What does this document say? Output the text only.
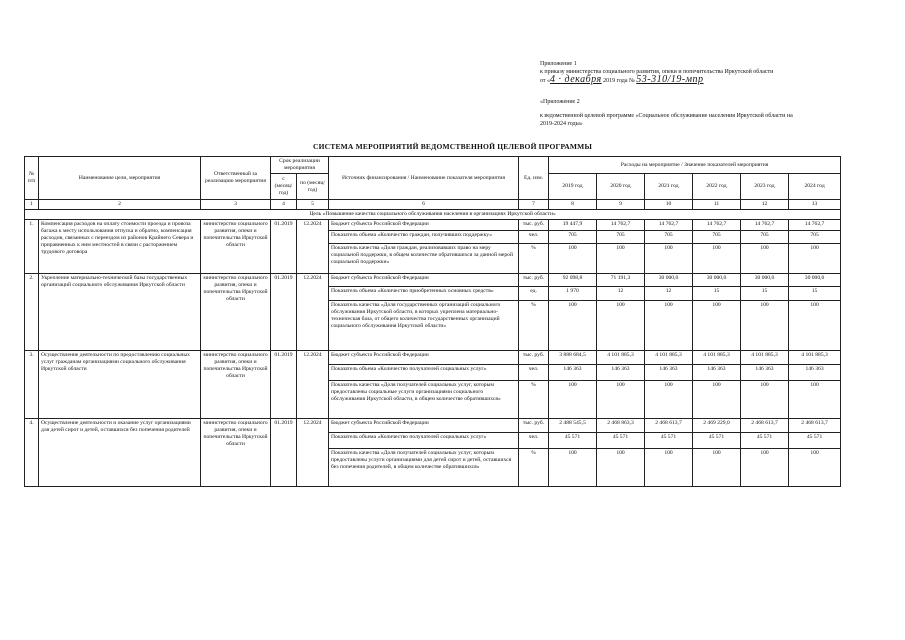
Приложение 1
к приказу министерства социального развития, опеки и попечительства Иркутской области
от «4 · декабря 2019 года № 53-310/19-мпр
«Приложение 2
к ведомственной целевой программе «Социальное обслуживание населения Иркутской области на
2019-2024 годы»
СИСТЕМА МЕРОПРИЯТИЙ ВЕДОМСТВЕННОЙ ЦЕЛЕВОЙ ПРОГРАММЫ
№ п/п	Наименование цели, мероприятия	Ответственный за реализацию мероприятия	Срок реализации мероприятия		Источник финансирования / Наименование показателя мероприятия	Ед. изм.	Расходы на мероприятие / Значение показателей мероприятия					
			с (месяц/ год)	по (месяц/ год)			2019 год	2020 год	2021 год	2022 год	2023 год	2024 год
1	2	3	4	5	6	7	8	9	10	11	12	13
Цель «Повышение качества социального обслуживания населения в организациях Иркутской области»												
1.	Компенсация расходов на оплату стоимости проезда и провоза багажа к месту использования отпуска и обратно, компенсация расходов, связанных с переездом из районов Крайнего Севера и приравненных к ним местностей в связи с расторжением трудового договора	министерство социального развития, опеки и попечительства Иркутской области	01.2019	12.2024	Бюджет субъекта Российской Федерации	тыс. руб.	19 447,9	14 762,7	14 762,7	14 762,7	14 762,7	14 762,7
					Показатель объема «Количество граждан, получивших поддержку»	чел.	705	705	705	705	705	705
					Показатель качества «Доля граждан, реализовавших право на меру социальной поддержки, в общем количестве обратившихся за данной мерой социальной поддержки»	%	100	100	100	100	100	100
2.	Укрепление материально-технической базы государственных организаций социального обслуживания Иркутской области	министерство социального развития, опеки и попечительства Иркутской области	01.2019	12.2024	Бюджет субъекта Российской Федерации	тыс. руб.	92 098,8	71 191,3	30 000,0	30 000,0	30 000,0	30 000,0
					Показатель объема «Количество приобретенных основных средств»	ед.	1 970	12	12	15	15	15
					Показатель качества «Доля государственных организаций социального обслуживания Иркутской области, в которых укреплена материально-техническая база, от общего количества государственных организаций социального обслуживания Иркутской области»	%	100	100	100	100	100	100
3.	Осуществление деятельности по предоставлению социальных услуг гражданам организациями социального обслуживания Иркутской области	министерство социального развития, опеки и попечительства Иркутской области	01.2019	12.2024	Бюджет субъекта Российской Федерации	тыс. руб.	3 888 684,5	4 101 885,3	4 101 885,3	4 101 885,3	4 101 885,3	4 101 885,3
					Показатель объема «Количество получателей социальных услуг»	чел.	146 363	146 363	146 363	146 363	146 363	146 363
					Показатель качества «Доля получателей социальных услуг, которым предоставлены социальные услуги организациями социального обслуживания Иркутской области, в общем количестве обратившихся»	%	100	100	100	100	100	100
4.	Осуществление деятельности и оказание услуг организациями для детей сирот и детей, оставшихся без попечения родителей	министерство социального развития, опеки и попечительства Иркутской области	01.2019	12.2024	Бюджет субъекта Российской Федерации	тыс. руб.	2 488 545,5	2 468 863,3	2 468 613,7	2 469 229,0	2 468 613,7	2 468 613,7
					Показатель объема «Количество получателей социальных услуг»	чел.	45 571	45 571	45 571	45 571	45 571	45 571
					Показатель качества «Доля получателей социальных услуг, которым предоставлены услуги организациями для детей сирот и детей, оставшихся без попечения родителей, в общем количестве обратившихся»	%	100	100	100	100	100	100
